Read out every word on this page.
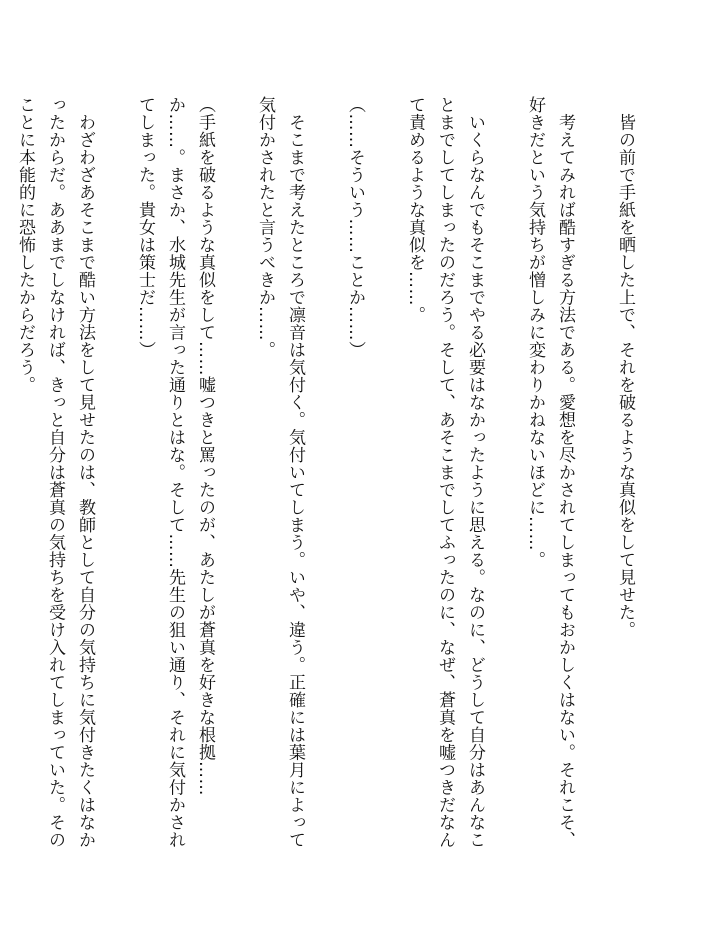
　皆の前で手紙を晒した上で、それを破るような真似をして見せた。

　考えてみれば酷すぎる方法である。愛想を尽かされてしまってもおかしくはない。それこそ、好きだという気持ちが憎しみに変わりかねないほどに……。

　いくらなんでもそこまでやる必要はなかったように思える。なのに、どうして自分はあんなことまでしてしまったのだろう。そして、あそこまでしてふったのに、なぜ、蒼真を嘘つきだなんて責めるような真似を……。

（……そういう……ことか……）

　そこまで考えたところで凛音は気付く。気付いてしまう。いや、違う。正確には葉月によって気付かされたと言うべきか……。

（手紙を破るような真似をして……嘘つきと罵ったのが、あたしが蒼真を好きな根拠……か……。まさか、水城先生が言った通りとはな。そして……先生の狙い通り、それに気付かされてしまった。貴女は策士だ……）

　わざわざあそこまで酷い方法をして見せたのは、教師として自分の気持ちに気付きたくはなかったからだ。ああまでしなければ、きっと自分は蒼真の気持ちを受け入れてしまっていた。そのことに本能的に恐怖したからだろう。
